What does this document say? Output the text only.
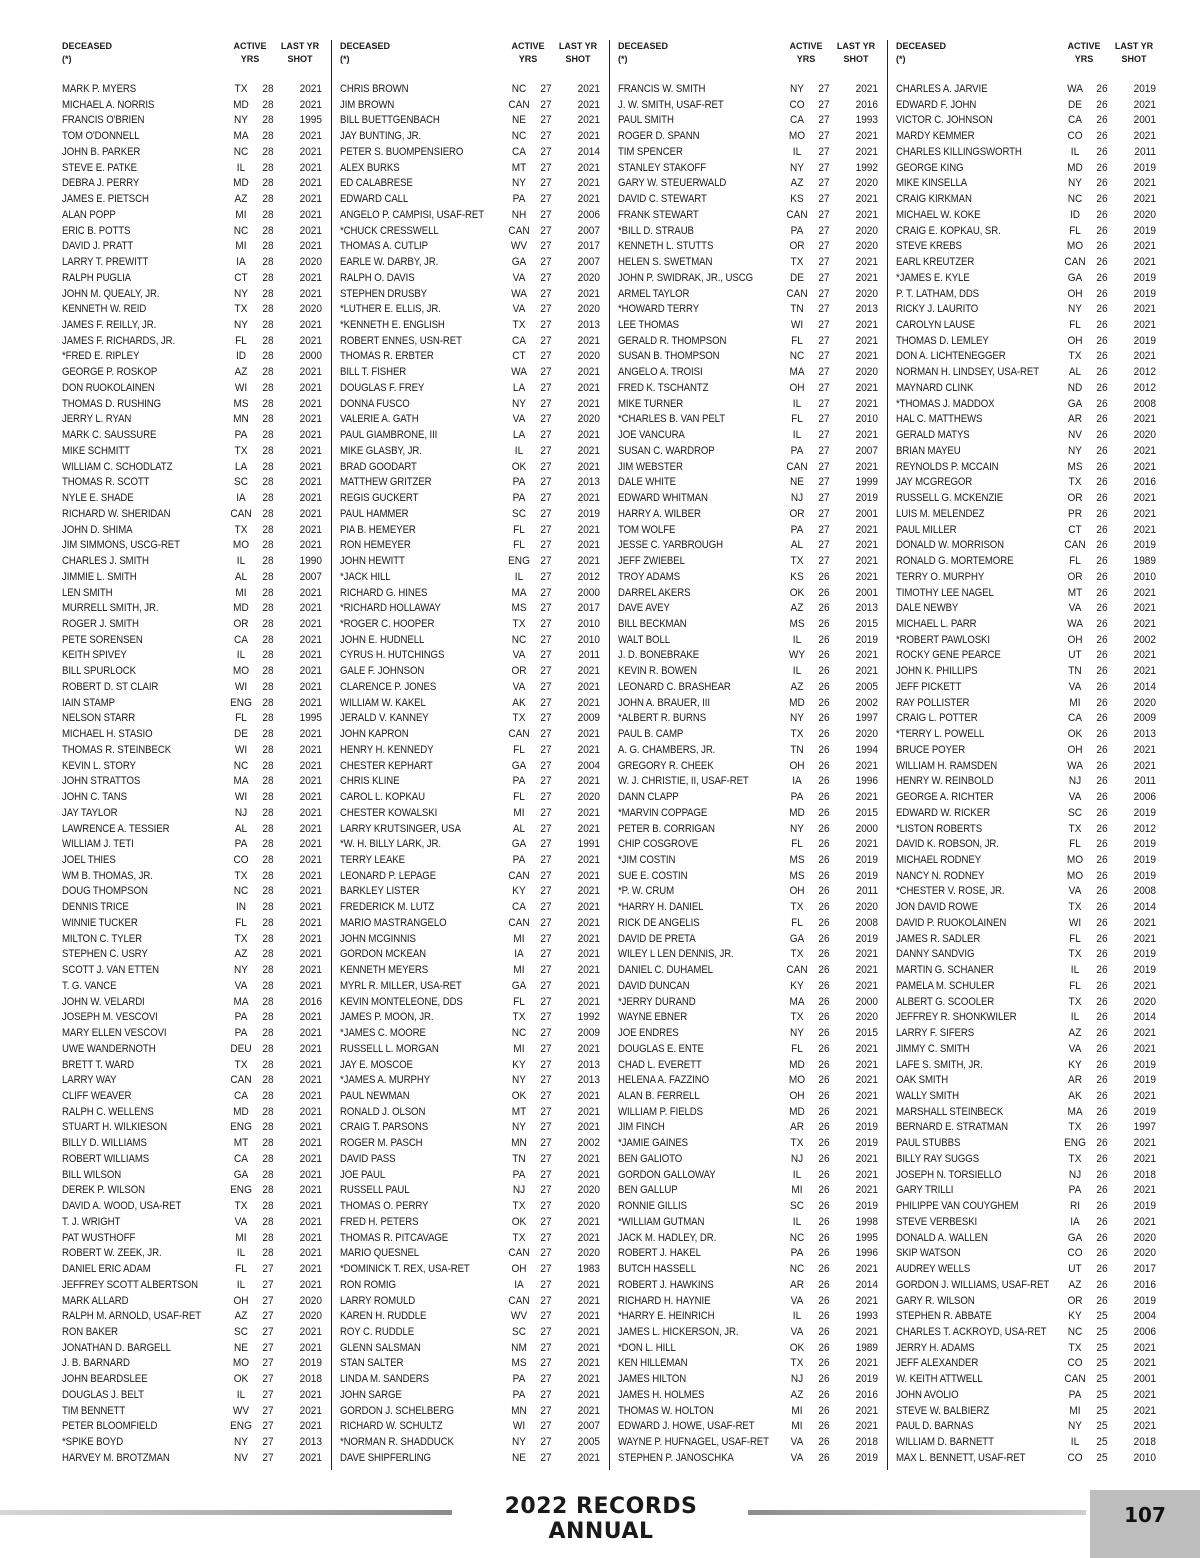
DECEASED
(*)
ACTIVE
YRS
LAST YR
SHOT
MARK P. MYERS	TX	28	2021
MICHAEL A. NORRIS	MD	28	2021
FRANCIS O'BRIEN	NY	28	1995
TOM O'DONNELL	MA	28	2021
JOHN B. PARKER	NC	28	2021
STEVE E. PATKE	IL	28	2021
DEBRA J. PERRY	MD	28	2021
JAMES E. PIETSCH	AZ	28	2021
ALAN POPP	MI	28	2021
ERIC B. POTTS	NC	28	2021
DAVID J. PRATT	MI	28	2021
LARRY T. PREWITT	IA	28	2020
RALPH PUGLIA	CT	28	2021
JOHN M. QUEALY, JR.	NY	28	2021
KENNETH W. REID	TX	28	2020
JAMES F. REILLY, JR.	NY	28	2021
JAMES F. RICHARDS, JR.	FL	28	2021
*FRED E. RIPLEY	ID	28	2000
GEORGE P. ROSKOP	AZ	28	2021
DON RUOKOLAINEN	WI	28	2021
THOMAS D. RUSHING	MS	28	2021
JERRY L. RYAN	MN	28	2021
MARK C. SAUSSURE	PA	28	2021
MIKE SCHMITT	TX	28	2021
WILLIAM C. SCHODLATZ	LA	28	2021
THOMAS R. SCOTT	SC	28	2021
NYLE E. SHADE	IA	28	2021
RICHARD W. SHERIDAN	CAN 28	2021
JOHN D. SHIMA	TX	28	2021
JIM SIMMONS, USCG-RET	MO	28	2021
CHARLES J. SMITH	IL	28	1990
JIMMIE L. SMITH	AL	28	2007
LEN SMITH	MI	28	2021
MURRELL SMITH, JR.	MD	28	2021
ROGER J. SMITH	OR	28	2021
PETE SORENSEN	CA	28	2021
KEITH SPIVEY	IL	28	2021
BILL SPURLOCK	MO	28	2021
ROBERT D. ST CLAIR	WI	28	2021
IAIN STAMP	ENG 28	2021
NELSON STARR	FL	28	1995
MICHAEL H. STASIO	DE	28	2021
THOMAS R. STEINBECK	WI	28	2021
KEVIN L. STORY	NC	28	2021
JOHN STRATTOS	MA	28	2021
JOHN C. TANS	WI	28	2021
JAY TAYLOR	NJ	28	2021
LAWRENCE A. TESSIER	AL	28	2021
WILLIAM J. TETI	PA	28	2021
JOEL THIES	CO	28	2021
WM B. THOMAS, JR.	TX	28	2021
DOUG THOMPSON	NC	28	2021
DENNIS TRICE	IN	28	2021
WINNIE TUCKER	FL	28	2021
MILTON C. TYLER	TX	28	2021
STEPHEN C. USRY	AZ	28	2021
SCOTT J. VAN ETTEN	NY	28	2021
T. G. VANCE	VA	28	2021
JOHN W. VELARDI	MA	28	2016
JOSEPH M. VESCOVI	PA	28	2021
MARY ELLEN VESCOVI	PA	28	2021
UWE WANDERNOTH	DEU 28	2021
BRETT T. WARD	TX	28	2021
LARRY WAY	CAN 28	2021
CLIFF WEAVER	CA	28	2021
RALPH C. WELLENS	MD	28	2021
STUART H. WILKIESON	ENG 28	2021
BILLY D. WILLIAMS	MT	28	2021
ROBERT WILLIAMS	CA	28	2021
BILL WILSON	GA	28	2021
DEREK P. WILSON	ENG 28	2021
DAVID A. WOOD, USA-RET	TX	28	2021
T. J. WRIGHT	VA	28	2021
PAT WUSTHOFF	MI	28	2021
ROBERT W. ZEEK, JR.	IL	28	2021
DANIEL ERIC ADAM	FL	27	2021
JEFFREY SCOTT ALBERTSON	IL	27	2021
MARK ALLARD	OH	27	2020
RALPH M. ARNOLD, USAF-RET	AZ	27	2020
RON BAKER	SC	27	2021
JONATHAN D. BARGELL	NE	27	2021
J. B. BARNARD	MO	27	2019
JOHN BEARDSLEE	OK	27	2018
DOUGLAS J. BELT	IL	27	2021
TIM BENNETT	WV	27	2021
PETER BLOOMFIELD	ENG 27	2021
*SPIKE BOYD	NY	27	2013
HARVEY M. BROTZMAN	NV	27	2021
DECEASED
(*)
ACTIVE
YRS
LAST YR
SHOT
CHRIS BROWN	NC	27	2021
JIM BROWN	CAN 27	2021
BILL BUETTGENBACH	NE	27	2021
JAY BUNTING, JR.	NC	27	2021
PETER S. BUOMPENSIERO	CA	27	2014
ALEX BURKS	MT	27	2021
ED CALABRESE	NY	27	2021
EDWARD CALL	PA	27	2021
ANGELO P. CAMPISI, USAF-RET	NH	27	2006
*CHUCK CRESSWELL	CAN 27	2007
THOMAS A. CUTLIP	WV	27	2017
EARLE W. DARBY, JR.	GA	27	2007
RALPH O. DAVIS	VA	27	2020
STEPHEN DRUSBY	WA	27	2021
*LUTHER E. ELLIS, JR.	VA	27	2020
*KENNETH E. ENGLISH	TX	27	2013
ROBERT ENNES, USN-RET	CA	27	2021
THOMAS R. ERBTER	CT	27	2020
BILL T. FISHER	WA	27	2021
DOUGLAS F. FREY	LA	27	2021
DONNA FUSCO	NY	27	2021
VALERIE A. GATH	VA	27	2020
PAUL GIAMBRONE, III	LA	27	2021
MIKE GLASBY, JR.	IL	27	2021
BRAD GOODART	OK	27	2021
MATTHEW GRITZER	PA	27	2013
REGIS GUCKERT	PA	27	2021
PAUL HAMMER	SC	27	2019
PIA B. HEMEYER	FL	27	2021
RON HEMEYER	FL	27	2021
JOHN HEWITT	ENG 27	2021
*JACK HILL	IL	27	2012
RICHARD G. HINES	MA	27	2000
*RICHARD HOLLAWAY	MS	27	2017
*ROGER C. HOOPER	TX	27	2010
JOHN E. HUDNELL	NC	27	2010
CYRUS H. HUTCHINGS	VA	27	2011
GALE F. JOHNSON	OR	27	2021
CLARENCE P. JONES	VA	27	2021
WILLIAM W. KAKEL	AK	27	2021
JERALD V. KANNEY	TX	27	2009
JOHN KAPRON	CAN 27	2021
HENRY H. KENNEDY	FL	27	2021
CHESTER KEPHART	GA	27	2004
CHRIS KLINE	PA	27	2021
CAROL L. KOPKAU	FL	27	2020
CHESTER KOWALSKI	MI	27	2021
LARRY KRUTSINGER, USA	AL	27	2021
*W. H. BILLY LARK, JR.	GA	27	1991
TERRY LEAKE	PA	27	2021
LEONARD P. LEPAGE	CAN 27	2021
BARKLEY LISTER	KY	27	2021
FREDERICK M. LUTZ	CA	27	2021
MARIO MASTRANGELO	CAN 27	2021
JOHN MCGINNIS	MI	27	2021
GORDON MCKEAN	IA	27	2021
KENNETH MEYERS	MI	27	2021
MYRL R. MILLER, USA-RET	GA	27	2021
KEVIN MONTELEONE, DDS	FL	27	2021
JAMES P. MOON, JR.	TX	27	1992
*JAMES C. MOORE	NC	27	2009
RUSSELL L. MORGAN	MI	27	2021
JAY E. MOSCOE	KY	27	2013
*JAMES A. MURPHY	NY	27	2013
PAUL NEWMAN	OK	27	2021
RONALD J. OLSON	MT	27	2021
CRAIG T. PARSONS	NY	27	2021
ROGER M. PASCH	MN	27	2002
DAVID PASS	TN	27	2021
JOE PAUL	PA	27	2021
RUSSELL PAUL	NJ	27	2020
THOMAS O. PERRY	TX	27	2020
FRED H. PETERS	OK	27	2021
THOMAS R. PITCAVAGE	TX	27	2021
MARIO QUESNEL	CAN 27	2020
*DOMINICK T. REX, USA-RET	OH	27	1983
RON ROMIG	IA	27	2021
LARRY ROMULD	CAN 27	2021
KAREN H. RUDDLE	WV	27	2021
ROY C. RUDDLE	SC	27	2021
GLENN SALSMAN	NM	27	2021
STAN SALTER	MS	27	2021
LINDA M. SANDERS	PA	27	2021
JOHN SARGE	PA	27	2021
GORDON J. SCHELBERG	MN	27	2021
RICHARD W. SCHULTZ	WI	27	2007
*NORMAN R. SHADDUCK	NY	27	2005
DAVE SHIPFERLING	NE	27	2021
DECEASED
(*)
ACTIVE
YRS
LAST YR
SHOT
FRANCIS W. SMITH	NY	27	2021
J. W. SMITH, USAF-RET	CO	27	2016
PAUL SMITH	CA	27	1993
ROGER D. SPANN	MO	27	2021
TIM SPENCER	IL	27	2021
STANLEY STAKOFF	NY	27	1992
GARY W. STEUERWALD	AZ	27	2020
DAVID C. STEWART	KS	27	2021
FRANK STEWART	CAN 27	2021
*BILL D. STRAUB	PA	27	2020
KENNETH L. STUTTS	OR	27	2020
HELEN S. SWETMAN	TX	27	2021
JOHN P. SWIDRAK, JR., USCG	DE	27	2021
ARMEL TAYLOR	CAN 27	2020
*HOWARD TERRY	TN	27	2013
LEE THOMAS	WI	27	2021
GERALD R. THOMPSON	FL	27	2021
SUSAN B. THOMPSON	NC	27	2021
ANGELO A. TROISI	MA	27	2020
FRED K. TSCHANTZ	OH	27	2021
MIKE TURNER	IL	27	2021
*CHARLES B. VAN PELT	FL	27	2010
JOE VANCURA	IL	27	2021
SUSAN C. WARDROP	PA	27	2007
JIM WEBSTER	CAN 27	2021
DALE WHITE	NE	27	1999
EDWARD WHITMAN	NJ	27	2019
HARRY A. WILBER	OR	27	2001
TOM WOLFE	PA	27	2021
JESSE C. YARBROUGH	AL	27	2021
JEFF ZWIEBEL	TX	27	2021
TROY ADAMS	KS	26	2021
DARREL AKERS	OK	26	2001
DAVE AVEY	AZ	26	2013
BILL BECKMAN	MS	26	2015
WALT BOLL	IL	26	2019
J. D. BONEBRAKE	WY	26	2021
KEVIN R. BOWEN	IL	26	2021
LEONARD C. BRASHEAR	AZ	26	2005
JOHN A. BRAUER, III	MD	26	2002
*ALBERT R. BURNS	NY	26	1997
PAUL B. CAMP	TX	26	2020
A. G. CHAMBERS, JR.	TN	26	1994
GREGORY R. CHEEK	OH	26	2021
W. J. CHRISTIE, II, USAF-RET	IA	26	1996
DANN CLAPP	PA	26	2021
*MARVIN COPPAGE	MD	26	2015
PETER B. CORRIGAN	NY	26	2000
CHIP COSGROVE	FL	26	2021
*JIM COSTIN	MS	26	2019
SUE E. COSTIN	MS	26	2019
*P. W. CRUM	OH	26	2011
*HARRY H. DANIEL	TX	26	2020
RICK DE ANGELIS	FL	26	2008
DAVID DE PRETA	GA	26	2019
WILEY L LEN DENNIS, JR.	TX	26	2021
DANIEL C. DUHAMEL	CAN 26	2021
DAVID DUNCAN	KY	26	2021
*JERRY DURAND	MA	26	2000
WAYNE EBNER	TX	26	2020
JOE ENDRES	NY	26	2015
DOUGLAS E. ENTE	FL	26	2021
CHAD L. EVERETT	MD	26	2021
HELENA A. FAZZINO	MO	26	2021
ALAN B. FERRELL	OH	26	2021
WILLIAM P. FIELDS	MD	26	2021
JIM FINCH	AR	26	2019
*JAMIE GAINES	TX	26	2019
BEN GALIOTO	NJ	26	2021
GORDON GALLOWAY	IL	26	2021
BEN GALLUP	MI	26	2021
RONNIE GILLIS	SC	26	2019
*WILLIAM GUTMAN	IL	26	1998
JACK M. HADLEY, DR.	NC	26	1995
ROBERT J. HAKEL	PA	26	1996
BUTCH HASSELL	NC	26	2021
ROBERT J. HAWKINS	AR	26	2014
RICHARD H. HAYNIE	VA	26	2021
*HARRY E. HEINRICH	IL	26	1993
JAMES L. HICKERSON, JR.	VA	26	2021
*DON L. HILL	OK	26	1989
KEN HILLEMAN	TX	26	2021
JAMES HILTON	NJ	26	2019
JAMES H. HOLMES	AZ	26	2016
THOMAS W. HOLTON	MI	26	2021
EDWARD J. HOWE, USAF-RET	MI	26	2021
WAYNE P. HUFNAGEL, USAF-RET	VA	26	2018
STEPHEN P. JANOSCHKA	VA	26	2019
DECEASED
(*)
ACTIVE
YRS
LAST YR
SHOT
CHARLES A. JARVIE	WA	26	2019
EDWARD F. JOHN	DE	26	2021
VICTOR C. JOHNSON	CA	26	2001
MARDY KEMMER	CO	26	2021
CHARLES KILLINGSWORTH	IL	26	2011
GEORGE KING	MD	26	2019
MIKE KINSELLA	NY	26	2021
CRAIG KIRKMAN	NC	26	2021
MICHAEL W. KOKE	ID	26	2020
CRAIG E. KOPKAU, SR.	FL	26	2019
STEVE KREBS	MO	26	2021
EARL KREUTZER	CAN 26	2021
*JAMES E. KYLE	GA	26	2019
P. T. LATHAM, DDS	OH	26	2019
RICKY J. LAURITO	NY	26	2021
CAROLYN LAUSE	FL	26	2021
THOMAS D. LEMLEY	OH	26	2019
DON A. LICHTENEGGER	TX	26	2021
NORMAN H. LINDSEY, USA-RET	AL	26	2012
MAYNARD CLINK	ND	26	2012
*THOMAS J. MADDOX	GA	26	2008
HAL C. MATTHEWS	AR	26	2021
GERALD MATYS	NV	26	2020
BRIAN MAYEU	NY	26	2021
REYNOLDS P. MCCAIN	MS	26	2021
JAY MCGREGOR	TX	26	2016
RUSSELL G. MCKENZIE	OR	26	2021
LUIS M. MELENDEZ	PR	26	2021
PAUL MILLER	CT	26	2021
DONALD W. MORRISON	CAN 26	2019
RONALD G. MORTEMORE	FL	26	1989
TERRY O. MURPHY	OR	26	2010
TIMOTHY LEE NAGEL	MT	26	2021
DALE NEWBY	VA	26	2021
MICHAEL L. PARR	WA	26	2021
*ROBERT PAWLOSKI	OH	26	2002
ROCKY GENE PEARCE	UT	26	2021
JOHN K. PHILLIPS	TN	26	2021
JEFF PICKETT	VA	26	2014
RAY POLLISTER	MI	26	2020
CRAIG L. POTTER	CA	26	2009
*TERRY L. POWELL	OK	26	2013
BRUCE POYER	OH	26	2021
WILLIAM H. RAMSDEN	WA	26	2021
HENRY W. REINBOLD	NJ	26	2011
GEORGE A. RICHTER	VA	26	2006
EDWARD W. RICKER	SC	26	2019
*LISTON ROBERTS	TX	26	2012
DAVID K. ROBSON, JR.	FL	26	2019
MICHAEL RODNEY	MO	26	2019
NANCY N. RODNEY	MO	26	2019
*CHESTER V. ROSE, JR.	VA	26	2008
JON DAVID ROWE	TX	26	2014
DAVID P. RUOKOLAINEN	WI	26	2021
JAMES R. SADLER	FL	26	2021
DANNY SANDVIG	TX	26	2019
MARTIN G. SCHANER	IL	26	2019
PAMELA M. SCHULER	FL	26	2021
ALBERT G. SCOOLER	TX	26	2020
JEFFREY R. SHONKWILER	IL	26	2014
LARRY F. SIFERS	AZ	26	2021
JIMMY C. SMITH	VA	26	2021
LAFE S. SMITH, JR.	KY	26	2019
OAK SMITH	AR	26	2019
WALLY SMITH	AK	26	2021
MARSHALL STEINBECK	MA	26	2019
BERNARD E. STRATMAN	TX	26	1997
PAUL STUBBS	ENG 26	2021
BILLY RAY SUGGS	TX	26	2021
JOSEPH N. TORSIELLO	NJ	26	2018
GARY TRILLI	PA	26	2021
PHILIPPE VAN COUYGHEM	RI	26	2019
STEVE VERBESKI	IA	26	2021
DONALD A. WALLEN	GA	26	2020
SKIP WATSON	CO	26	2020
AUDREY WELLS	UT	26	2017
GORDON J. WILLIAMS, USAF-RET	AZ	26	2016
GARY R. WILSON	OR	26	2019
STEPHEN R. ABBATE	KY	25	2004
CHARLES T. ACKROYD, USA-RET	NC	25	2006
JERRY H. ADAMS	TX	25	2021
JEFF ALEXANDER	CO	25	2021
W. KEITH ATTWELL	CAN 25	2001
JOHN AVOLIO	PA	25	2021
STEVE W. BALBIERZ	MI	25	2021
PAUL D. BARNAS	NY	25	2021
WILLIAM D. BARNETT	IL	25	2018
MAX L. BENNETT, USAF-RET	CO	25	2010
2022 RECORDS ANNUAL
107
